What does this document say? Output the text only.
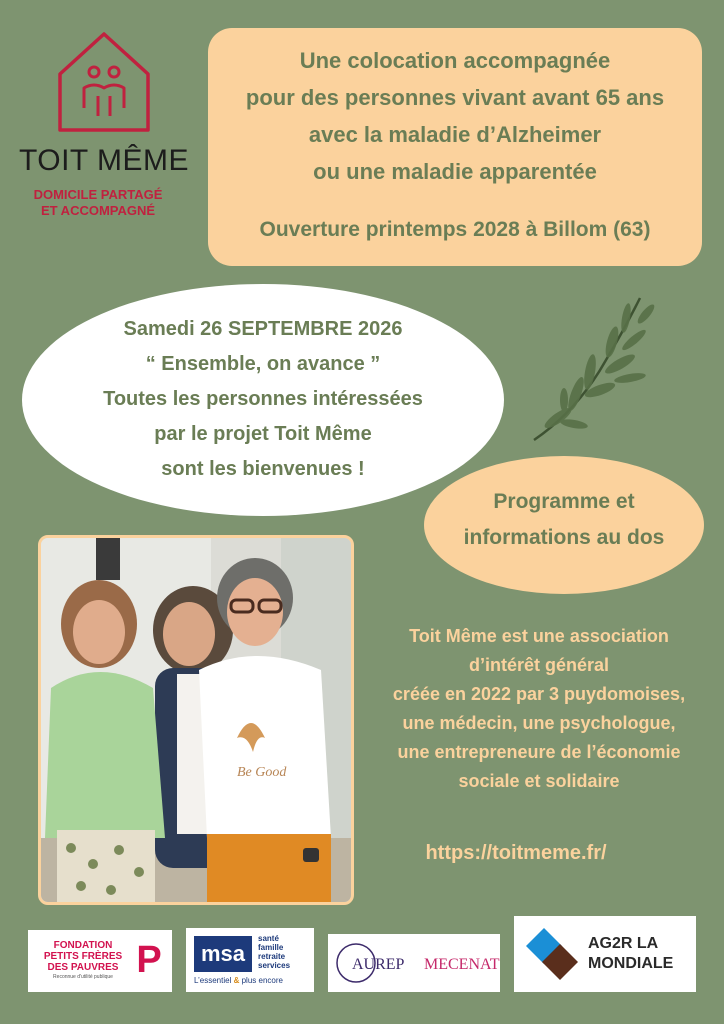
TOIT MÊME
DOMICILE PARTAGÉ
ET ACCOMPAGNÉ
Une colocation accompagnée
pour des personnes vivant avant 65 ans
avec la maladie d’Alzheimer
ou une maladie apparentée
Ouverture printemps 2028 à Billom (63)
Samedi 26 SEPTEMBRE 2026
“ Ensemble, on avance ”
Toutes les personnes intéressées
par le projet Toit Même
sont les bienvenues !
Programme et
informations au dos
Be Good
Toit Même est une association
d’intérêt général
créée en 2022 par 3 puydomoises,
une médecin, une psychologue,
une entrepreneure de l’économie
sociale et solidaire
https://toitmeme.fr/
FONDATION
PETITS FRÈRES
DES PAUVRES
Reconnue d'utilité publique P	msa
santé
famille
retraite
services
L’essentiel & plus encore
AUREP MECENAT
AG2R LA
MONDIALE
